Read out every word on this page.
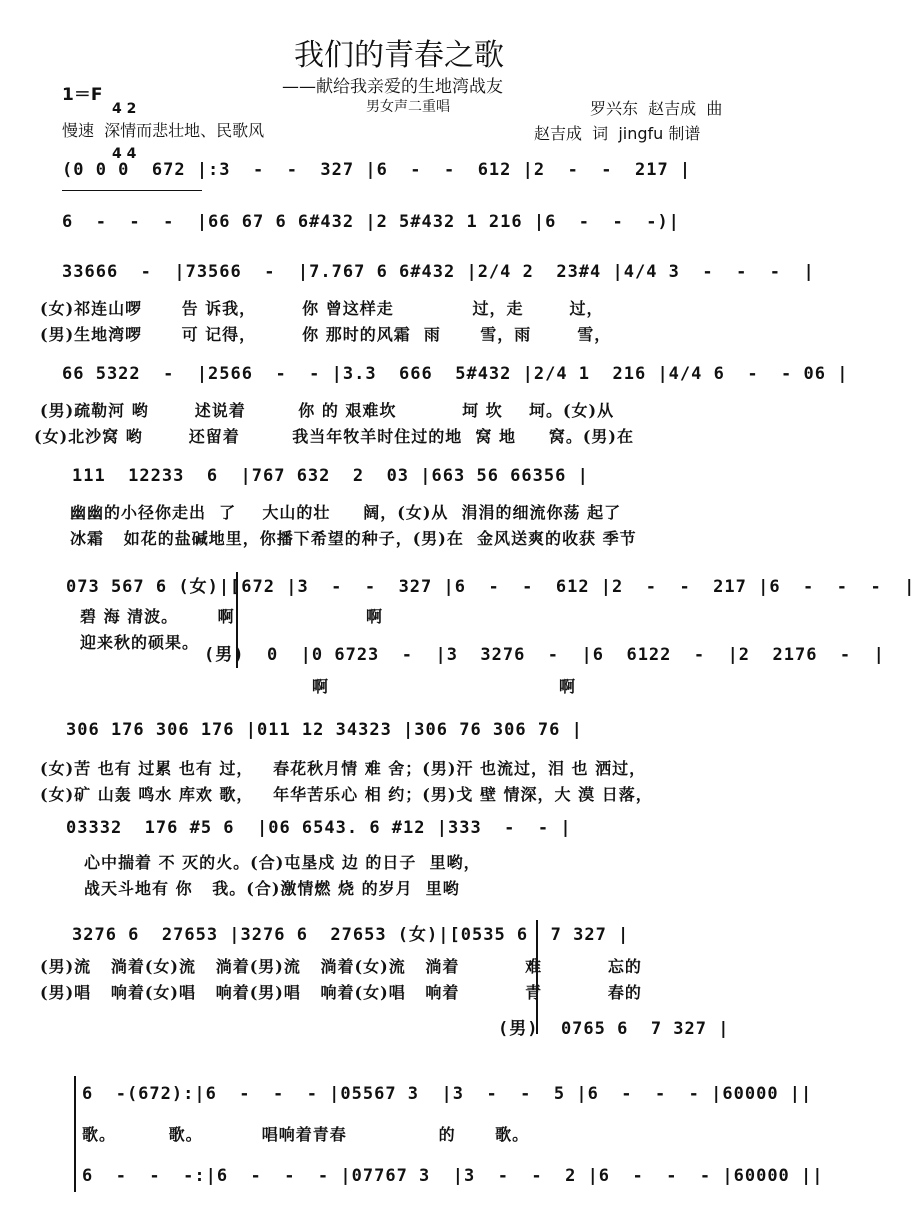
我们的青春之歌
——献给我亲爱的生地湾战友
男女声二重唱
1＝F

4 2

4 4

慢速  深情而悲壮地、民歌风
罗兴东  赵吉成  曲
赵吉成  词  jingfu 制谱
(0 0 0  672 |:3  -  -  327 |6  -  -  612 |2  -  -  217 |
6  -  -  -  |66 67 6 6#432 |2 5#432 1 216 |6  -  -  -)|
33666  -  |73566  -  |7.767 6 6#432 |2/4 2  23#4 |4/4 3  -  -  -  |
(女)祁连山啰      告 诉我，       你 曾这样走            过，走       过，
(男)生地湾啰      可 记得，       你 那时的风霜  雨      雪，雨       雪，
66 5322  -  |2566  -  - |3.3  666  5#432 |2/4 1  216 |4/4 6  -  - 06 |
(男)疏勒河 哟       述说着        你 的 艰难坎          坷 坎    坷。(女)从
(女)北沙窝 哟       还留着        我当年牧羊时住过的地  窝 地     窝。(男)在
111  12233  6  |767 632  2  03 |663 56 66356 |
幽幽的小径你走出  了    大山的壮     阔，(女)从  涓涓的细流你荡 起了
冰霜   如花的盐碱地里，你播下希望的种子，(男)在  金风送爽的收获 季节
073 567 6 (女)|[672 |3  -  -  327 |6  -  -  612 |2  -  -  217 |6  -  -  -  |
碧 海 清波。      啊                    啊
迎来秋的硕果。
(男)  0  |0 6723  -  |3  3276  -  |6  6122  -  |2  2176  -  |
啊                                   啊
306 176 306 176 |011 12 34323 |306 76 306 76 |
(女)苦 也有 过累 也有 过，   春花秋月情 难 舍；(男)汗 也流过，泪 也 洒过，
(女)矿 山轰 鸣水 库欢 歌，   年华苦乐心 相 约；(男)戈 壁 情深，大 漠 日落，
03332  176 #5 6  |06 6543. 6 #12 |333  -  - |
心中揣着 不 灭的火。(合)屯垦戍 边 的日子  里哟，
战天斗地有 你   我。(合)激情燃 烧 的岁月  里哟
3276 6  27653 |3276 6  27653 (女)|[0535 6  7 327 |
(男)流   淌着(女)流   淌着(男)流   淌着(女)流   淌着          难          忘的
(男)唱   响着(女)唱   响着(男)唱   响着(女)唱   响着          青          春的
(男)  0765 6  7 327 |
6  -(672):|6  -  -  - |05567 3  |3  -  -  5 |6  -  -  - |60000 ||
歌。        歌。         唱响着青春              的      歌。
6  -  -  -:|6  -  -  - |07767 3  |3  -  -  2 |6  -  -  - |60000 ||
